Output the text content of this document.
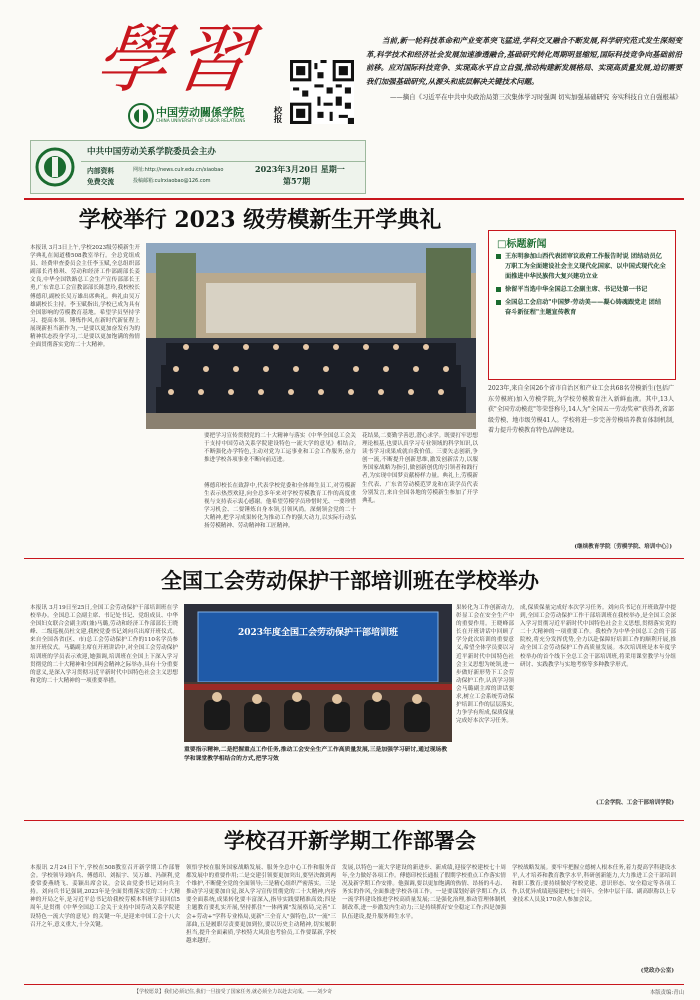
學習
中国劳动關係学院
CHINA UNIVERSITY OF LABOR RELATIONS	校报
当前,新一轮科技革命和产业变革突飞猛进,学科交叉融合不断发展,科学研究范式发生深刻变革,科学技术和经济社会发展加速渗透融合,基础研究转化周期明显缩短,国际科技竞争向基础前沿前移。应对国际科技竞争、实现高水平自立自强,推动构建新发展格局、实现高质量发展,迫切需要我们加强基础研究,从源头和底层解决关键技术问题。
——摘自《习近平在中共中央政治局第三次集体学习时强调 切实加强基础研究 夯实科技自立自强根基》
中共中国劳动关系学院委员会主办
内部资料
免费交流
网址:http://news.culr.edu.cn/xiaobao
投稿邮箱:culrxiaobao@126.com
2023年3月20日 星期一
第57期
学校举行 2023 级劳模新生开学典礼
本报讯 3月3日上午,学校2023级劳模新生开学典礼在闻道楼508教室举行。全总党组成员、经费审查委员会主任李玉赋,全总组织部副部长肖格琪、劳动和经济工作部副部长姜文良,中华全国铁路总工会生产宣传部部长王勇,广东省总工会宣教部部长陈慧玲,我校校长傅德印,副校长吴万雄出席典礼。典礼由吴万雄副校长主持。李玉赋指出,学校已成为具有全国影响的劳模教育基地。希望学员坚持学习、提高本领、锤炼作风,在新时代新征程上展现新担当新作为,一是要以更加奋发有为的精神状态投身学习,二是要以更加饱满的热情全面贯彻落实党的二十大精神。
要把学习宣传贯彻党的二十大精神与落实《中华全国总工会关于支持中国劳动关系学院建设特色一流大学的意见》相结合,不断强化办学特色,主动对党为工运事业和工会工作服务,奋力推进学校各项事业不断向前迈进。
傅德印校长在致辞中,代表学校党委和全体师生员工,对劳模新生表示热烈欢迎,向全总多年来对学校劳模教育工作的高度重视与支持表示衷心感谢。他希望劳模学员珍惜时光、一要珍惜学习机会、二要锤炼自身本领,引领风尚。深刻领会党的二十大精神,把学习成果转化为推动工作的强大动力,以实际行动弘扬劳模精神、劳动精神和工匠精神。
花结果,二要勤学善思,潜心求学。既要打牢思想理论根基,也要认真学习专业领域的科学知识,以读书学习成果成就自我价值。三要矢志创新,争创一流,不断提升创新思维,激发创新活力,以服务国家战略为指引,做创新创优的引领者和践行者,为实现中国梦贡献榜样力量。典礼上,劳模新生代表、广东省劳动模范罗龙和在读学员代表分别发言,来自全国各地的劳模新生参加了开学典礼。
□标题新闻
王东明参加山西代表团审议政府工作报告时说 团结动员亿万职工为全面建设社会主义现代化国家、以中国式现代化全面推进中华民族伟大复兴建功立业
徐留平当选中华全国总工会副主席、书记处第一书记
全国总工会启动"中国梦·劳动美——凝心铸魂跟党走 团结奋斗新征程"主题宣传教育
2023年,来自全国26个省市自治区和产业工会共68名劳模新生(包括广东劳模班)加入劳模学院,为学校劳模教育注入新鲜血液。其中,13人获"全国劳动模范"等荣誉称号,14人为"全国五一劳动奖章"获得者,省部级劳模、地市级劳模41人。学校将进一步完善劳模培养教育体制机制,着力提升劳模教育特色品牌建设。
(继续教育学院〔劳模学院、培训中心〕)
全国工会劳动保护干部培训班在学校举办
本报讯 3月19日至25日,全国工会劳动保护干部培训班在学校举办。全国总工会副主席、书记处书记、党组成员、中华全国妇女联合会副主席(兼)马璐,劳动和经济工作部部长王晓峰、二级巡视员杜文建,我校党委书记刘向兵出席开班仪式。来自全国各省(区、市)总工会劳动保护工作的110名学员参加开班仪式。马璐副主席在开班讲话中,对全国工会劳动保护培训班的学员表示欢迎,她强调,培训班在全国上下深入学习贯彻党的二十大精神和全国两会精神之际举办,具有十分重要的意义,是深入学习贯彻习近平新时代中国特色社会主义思想和党的二十大精神的一项重要举措。
2023年度全国工会劳动保护干部培训班
重要指示精神,二是把握重点工作任务,推动工会安全生产工作高质量发展,三是加强学习研讨,通过现场教学和课堂教学相结合的方式,把学习效
果转化为工作创新动力,彰显工会在安全生产中的重要作用。王晓峰部长在开班讲话中回顾了学分此次培训的重要意义,希望全体学员要以习近平新时代中国特色社会主义思想为统领,进一步做好新形势下工会劳动保护工作,认真学习领会马璐副主席的讲话要求,树立工会系统劳动保护培训工作的层层落实,力争学有所成,保质保量完成好本次学习任务。
成,保质保量完成好本次学习任务。刘向兵书记在开班致辞中提到,全国工会劳动保护工作干部培训班在我校举办,是全国工会深入学习贯彻习近平新时代中国特色社会主义思想,贯彻落实党的二十大精神的一项重要工作。我校作为中华全国总工会的干部院校,将充分发挥优势,全力以赴保障好培训工作的顺利开展,推动全国工会劳动保护工作高质量发展。本次培训班是本年度学校举办的首个线下全总工会干部培训班,将采用课堂教学与分组研讨、实践教学与实地考察等多种教学形式。
(工会学院、工会干部培训学院)
学校召开新学期工作部署会
本报讯 2月24日下午,学校在508教室召开新学期工作部署会。学校领导刘向兵、傅德印、刘振宇、吴万雄、冯颜利,党委常委燕晓飞、姜颖出席会议。会议由党委书记刘向兵主持。刘向兵书记强调,2023年是全面贯彻落实党的二十大精神的开局之年,是习近平总书记给我校劳模本科班学员回信5周年,是贯彻《中华全国总工会关于支持中国劳动关系学院建设特色一流大学的意见》的关键一年,是迎来中国工会十八大召开之年,意义重大,十分关键。
领悟学校在服务国家战略发展、服务全总中心工作和服务首都发展中的重要作用;二是交建引领要更加突出,要坚决做到两个维护,不断健全党的全面领导;三是精心组织严密落实。三是推动学习更要加自觉,深入学习宣传贯彻党的二十大精神,内容要全面系统,成果转化要丰富深入,指导实践要精准高效;四是主题教育要扎实开展,坚持抓住"一体两翼"发展格局,完善"工会+劳动+"学科专业格局,更新"三全育人"强特色,以"一流"三部曲,五是履职尽责要更加到位,要以历史主动精神,切实履职担当,提升全面素质,学校特大风浪也考验员,工作要谋新,学校越来越好。
发展,以特色一流大学建设的新进步、新成绩,迎接学校建校七十周年,全力做好各项工作。傅德印校长通报了假期学校重点工作落实情况及新学期工作安排。他强调,要以更加饱满的热情、昂扬的斗志、务实的作风,全面推进学校各项工作。一是要谋划好新学期工作,以一流学科建设推进学校高质量发展;二是强化治理,推动管理体制机制改革,进一步激发内生动力;三是持续抓好安全稳定工作;四是加强队伍建设,提升服务师生水平。
学校战略发展。要牢牢把握立德树人根本任务,着力提高学科建设水平,人才培养和教育教学水平,科研创新能力,大力推进工会干部培训和职工教育;要持续做好学校党建、意识形态、安全稳定等各项工作,以优异成绩迎接建校七十周年。全体中层干部、副高职称以上专业技术人员及170余人参加会议。
(党政办公室)
【学校愿景】我们必须记住,我们一旦接受了国家任务,就必须全力以赴去完成。——刘少奇	本版责编:青山
